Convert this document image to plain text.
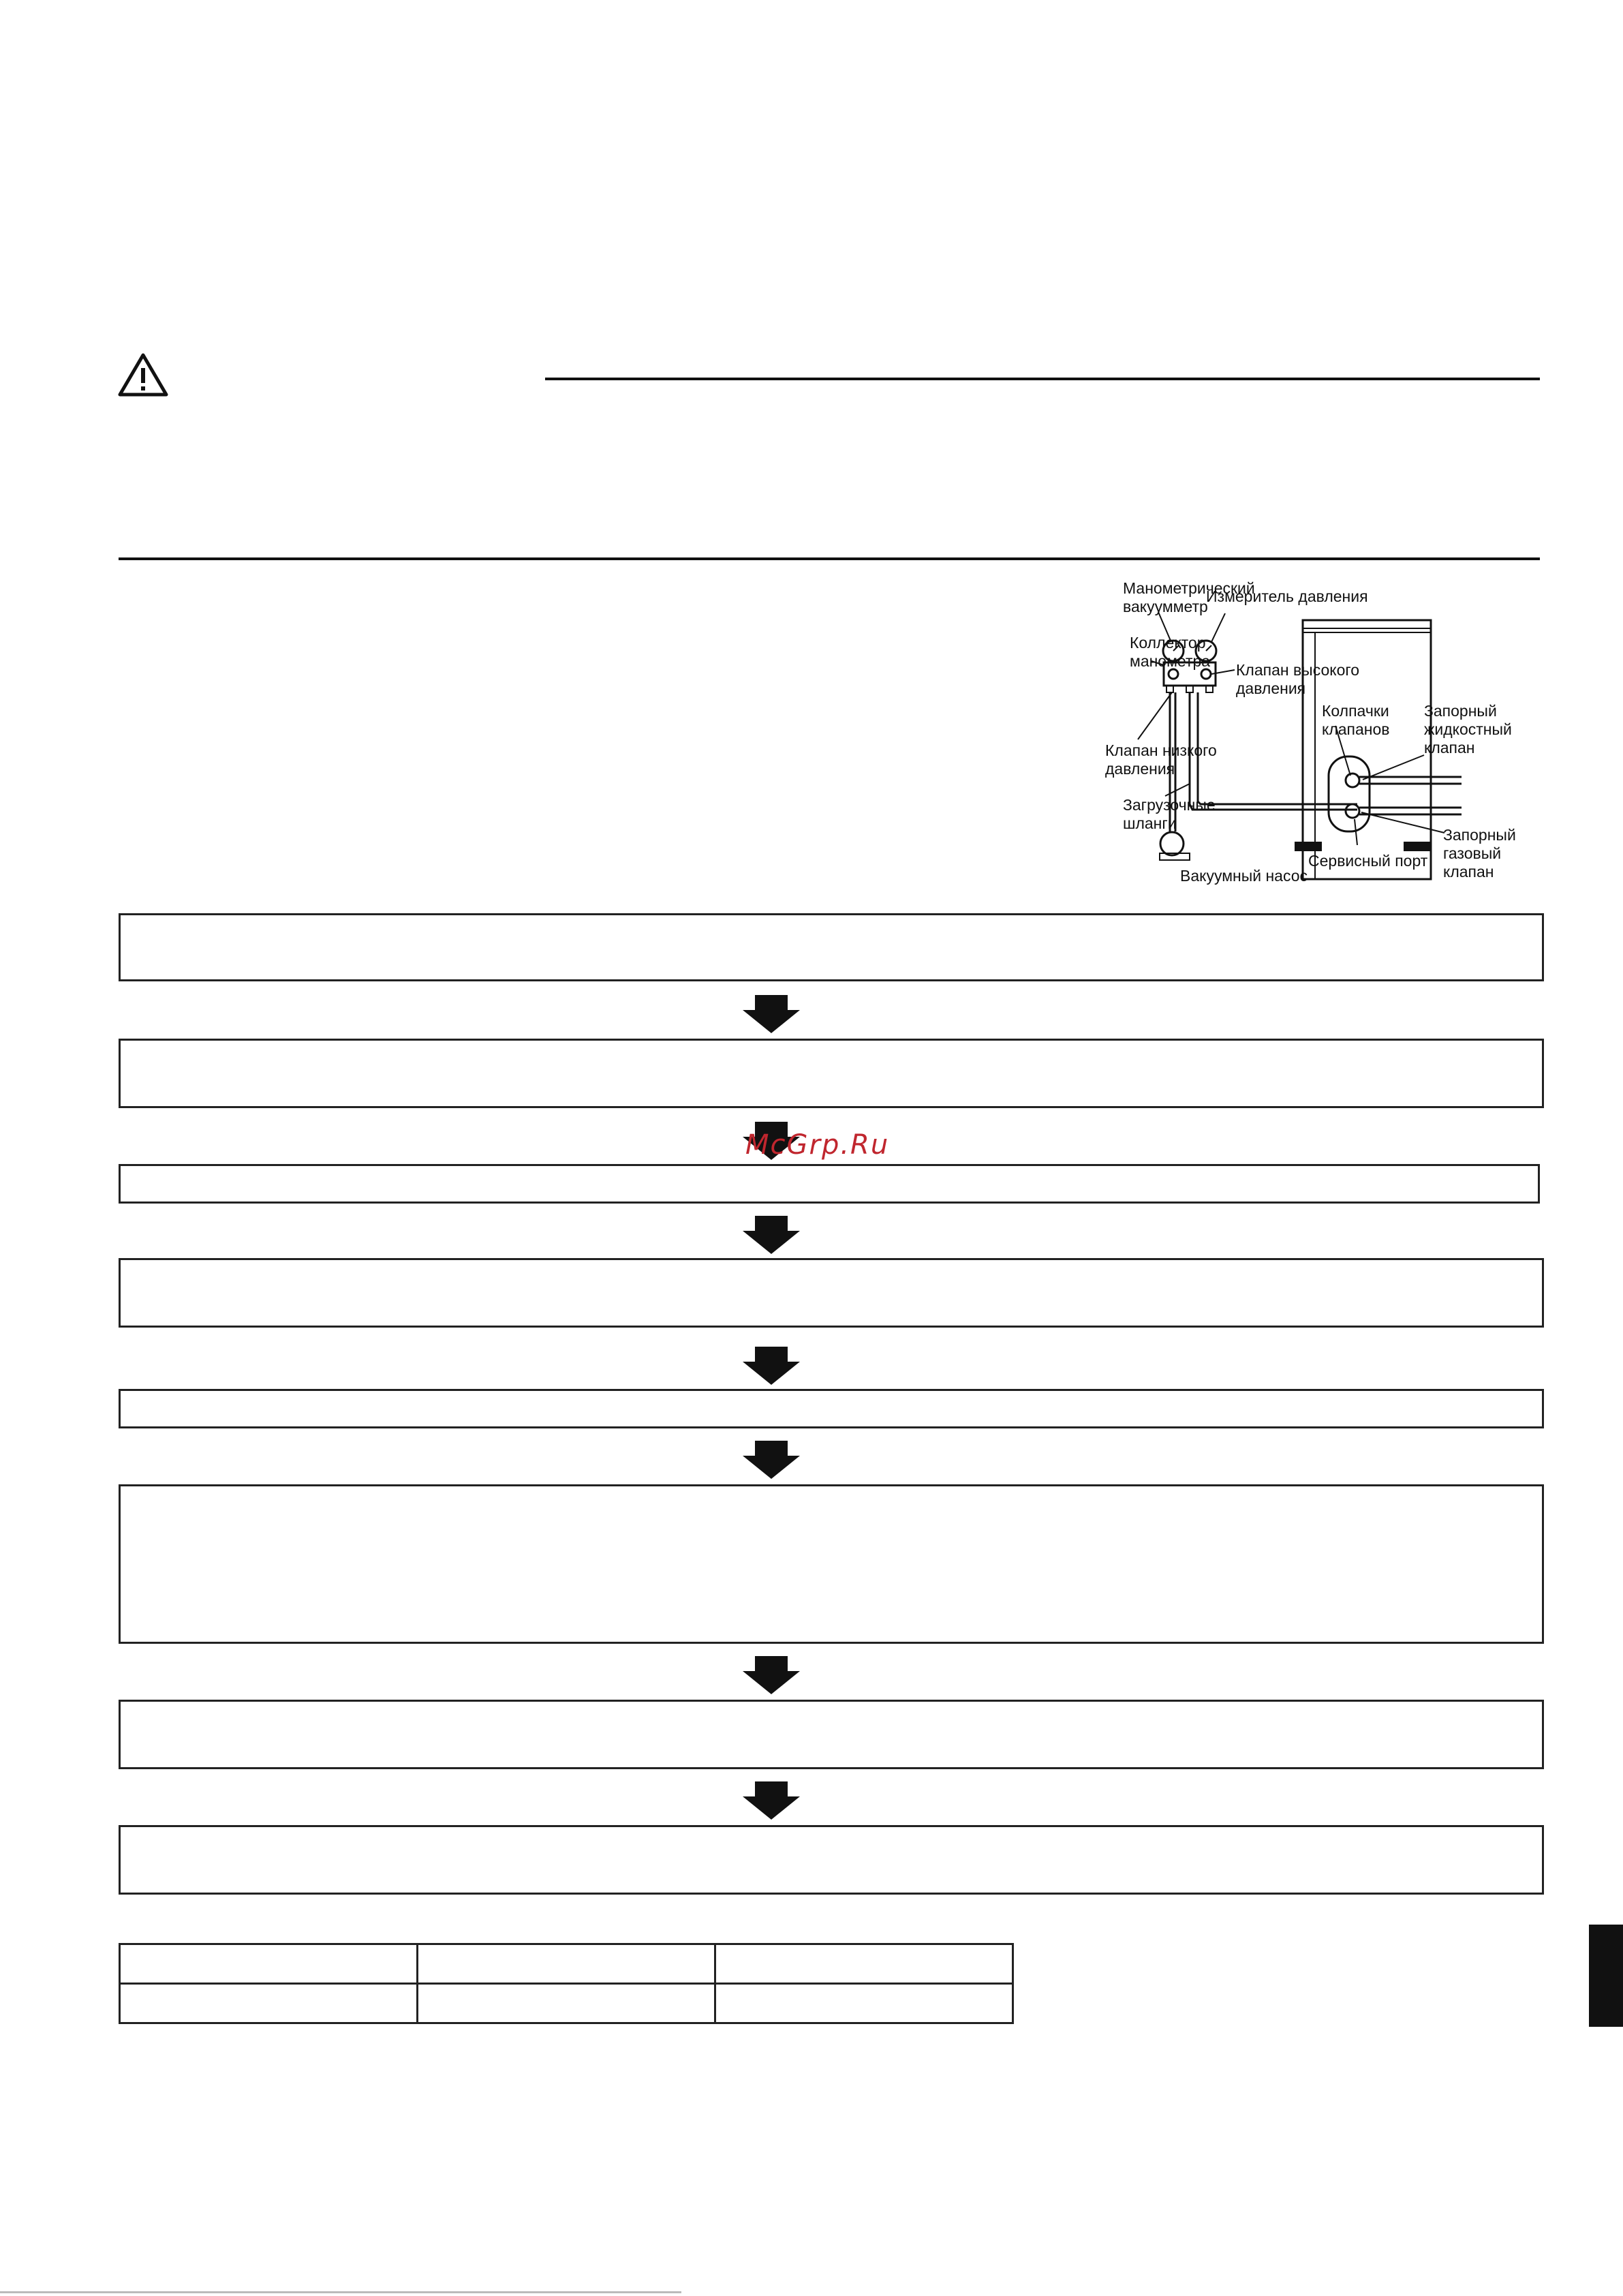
Манометрический
вакуумметр
Измеритель давления
Коллектор
манометра Клапан высокого
давления
Колпачки
клапанов
Запорный
жидкостный
клапан
Клапан низкого
давления
Загрузочные
шланги
Запорный
газовый
клапан
Сервисный порт
Вакуумный насос

McGrp.Ru
